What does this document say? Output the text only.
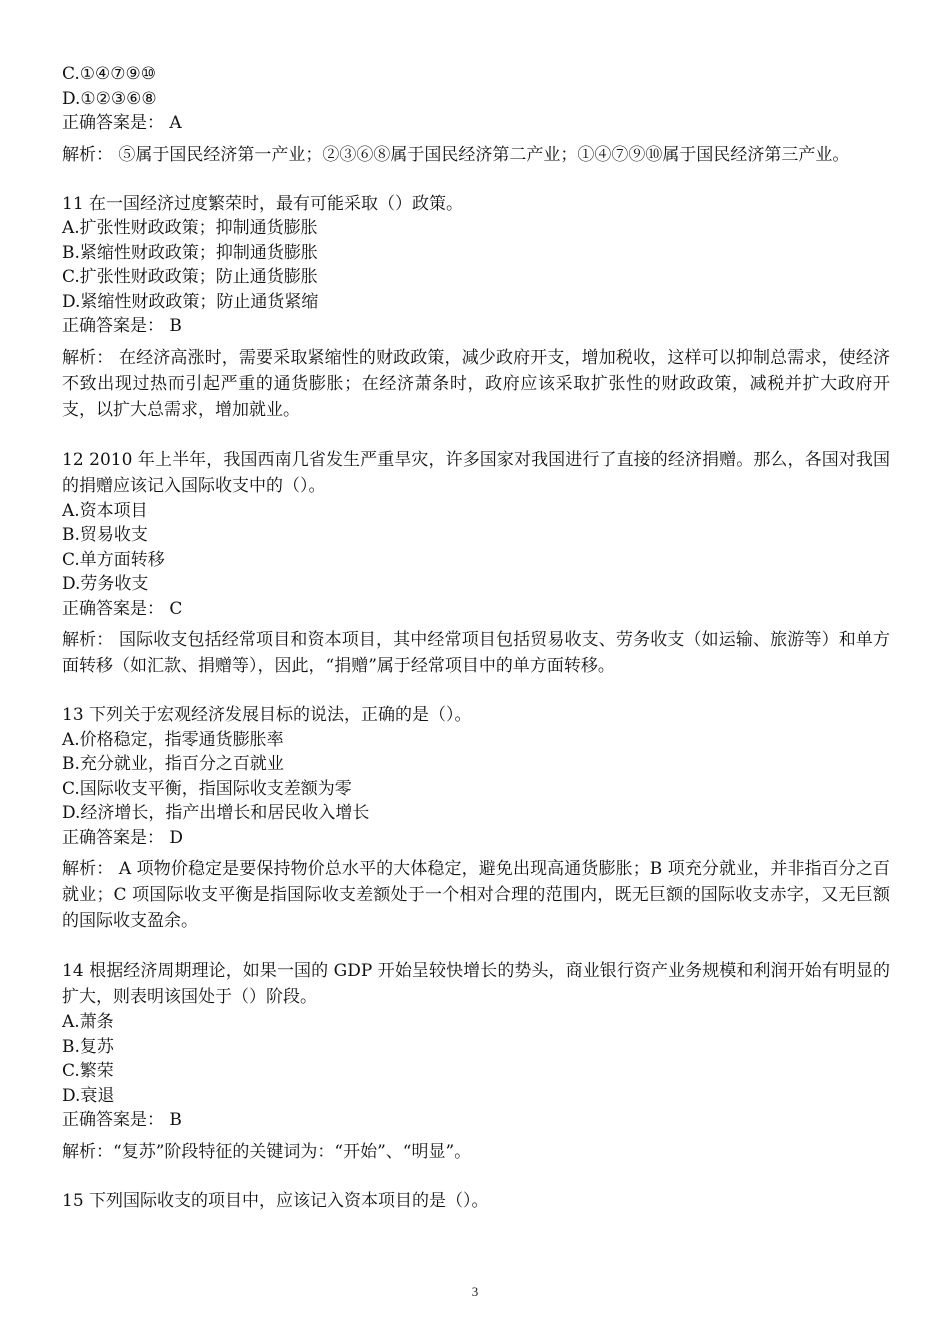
C.①④⑦⑨⑩
D.①②③⑥⑧
正确答案是： A
解析： ⑤属于国民经济第一产业；②③⑥⑧属于国民经济第二产业；①④⑦⑨⑩属于国民经济第三产业。
11 在一国经济过度繁荣时，最有可能采取（）政策。
A.扩张性财政政策；抑制通货膨胀
B.紧缩性财政政策；抑制通货膨胀
C.扩张性财政政策；防止通货膨胀
D.紧缩性财政政策；防止通货紧缩
正确答案是： B
解析： 在经济高涨时，需要采取紧缩性的财政政策，减少政府开支，增加税收，这样可以抑制总需求，使经济不致出现过热而引起严重的通货膨胀；在经济萧条时，政府应该采取扩张性的财政政策，减税并扩大政府开支，以扩大总需求，增加就业。
12 2010 年上半年，我国西南几省发生严重旱灾，许多国家对我国进行了直接的经济捐赠。那么，各国对我国的捐赠应该记入国际收支中的（）。
A.资本项目
B.贸易收支
C.单方面转移
D.劳务收支
正确答案是： C
解析： 国际收支包括经常项目和资本项目，其中经常项目包括贸易收支、劳务收支（如运输、旅游等）和单方面转移（如汇款、捐赠等），因此，“捐赠”属于经常项目中的单方面转移。
13 下列关于宏观经济发展目标的说法，正确的是（）。
A.价格稳定，指零通货膨胀率
B.充分就业，指百分之百就业
C.国际收支平衡，指国际收支差额为零
D.经济增长，指产出增长和居民收入增长
正确答案是： D
解析： A 项物价稳定是要保持物价总水平的大体稳定，避免出现高通货膨胀；B 项充分就业，并非指百分之百就业；C 项国际收支平衡是指国际收支差额处于一个相对合理的范围内，既无巨额的国际收支赤字，又无巨额的国际收支盈余。
14 根据经济周期理论，如果一国的 GDP 开始呈较快增长的势头，商业银行资产业务规模和利润开始有明显的扩大，则表明该国处于（）阶段。
A.萧条
B.复苏
C.繁荣
D.衰退
正确答案是： B
解析：“复苏”阶段特征的关键词为：“开始”、“明显”。
15 下列国际收支的项目中，应该记入资本项目的是（）。
3
